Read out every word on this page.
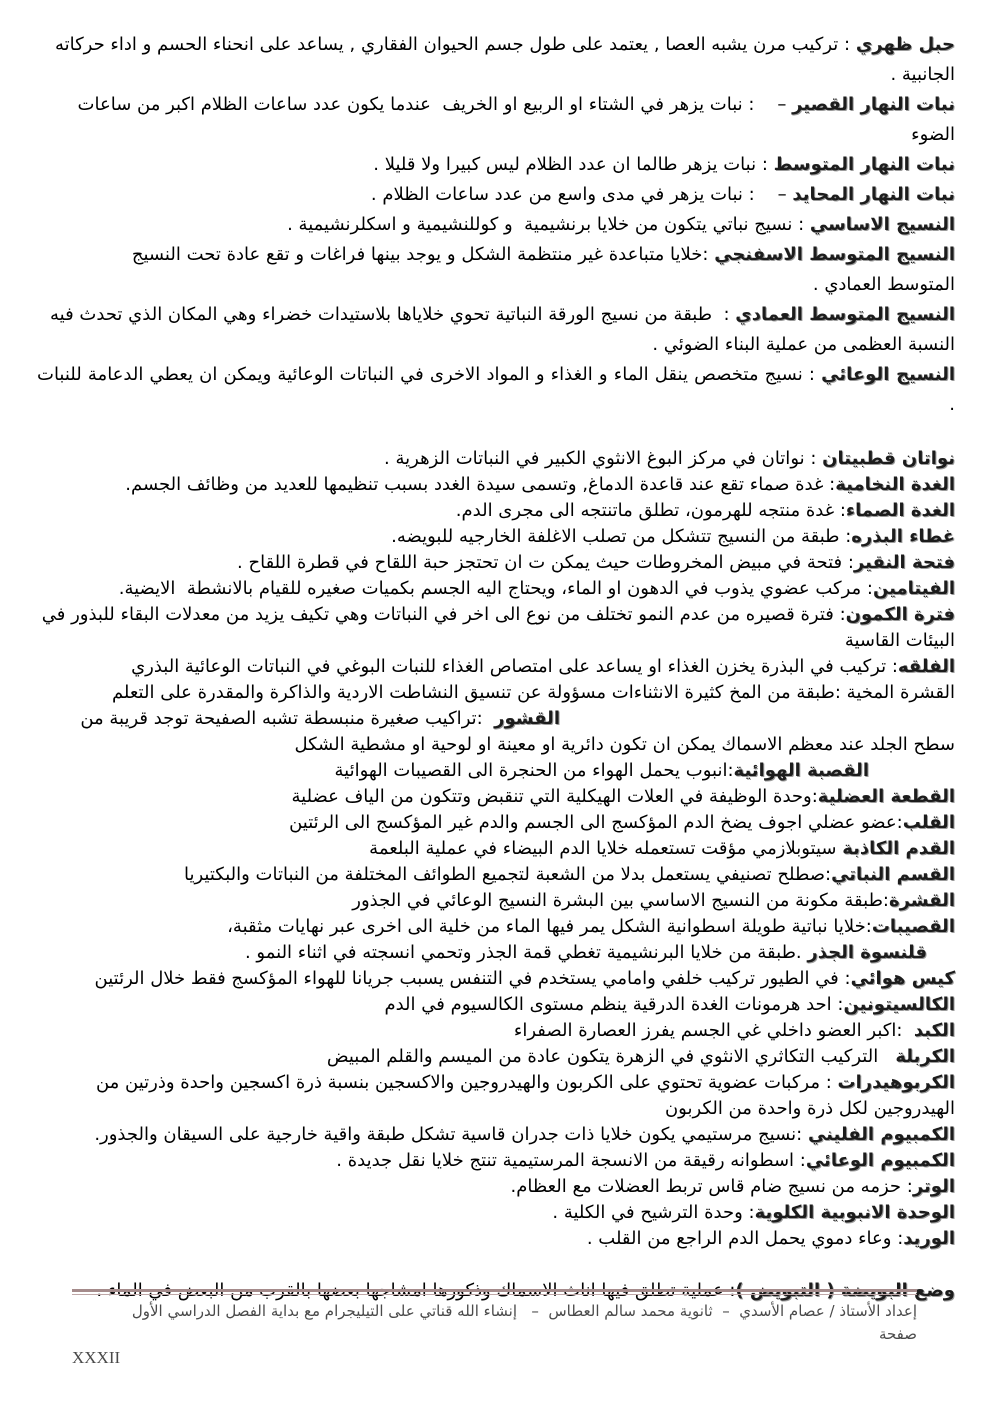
حبل ظهري : تركيب مرن يشبه العصا , يعتمد على طول جسم الحيوان الفقاري , يساعد على انحناء الحسم و اداء حركاته
الجانبية .
نبات النهار القصير –    : نبات يزهر في الشتاء او الربيع او الخريف  عندما يكون عدد ساعات الظلام اكبر من ساعات
الضوء
نبات النهار المتوسط : نبات يزهر طالما ان عدد الظلام ليس كبيرا ولا قليلا .
نبات النهار المحايد –    : نبات يزهر في مدى واسع من عدد ساعات الظلام .
النسيج الاساسي : نسيج نباتي يتكون من خلايا برنشيمية  و كوللنشيمية و اسكلرنشيمية .
النسيج المتوسط الاسفنجي :خلايا متباعدة غير منتظمة الشكل و يوجد بينها فراغات و تقع عادة تحت النسيج
المتوسط العمادي .
النسيج المتوسط العمادي :  طبقة من نسيج الورقة النباتية تحوي خلاياها بلاستيدات خضراء وهي المكان الذي تحدث فيه
النسبة العظمى من عملية البناء الضوئي .
النسيج الوعائي : نسيج متخصص ينقل الماء و الغذاء و المواد الاخرى في النباتات الوعائية ويمكن ان يعطي الدعامة للنبات .
نواتان قطبيتان : نواتان في مركز البوغ الانثوي الكبير في النباتات الزهرية .
الغدة النخامية: غدة صماء تقع عند قاعدة الدماغ, وتسمى سيدة الغدد بسبب تنظيمها للعديد من وظائف الجسم.
الغدة الصماء: غدة منتجه للهرمون، تطلق ماتنتجه الى مجرى الدم.
غطاء البذره: طبقة من النسيج تتشكل من تصلب الاغلفة الخارجيه للبويضه.
فتحة النقير: فتحة في مبيض المخروطات حيث يمكن ت ان تحتجز حبة اللقاح في قطرة اللقاح .
الفيتامين: مركب عضوي يذوب في الدهون او الماء، ويحتاج اليه الجسم بكميات صغيره للقيام بالانشطة  الايضية.
فترة الكمون: فترة قصيره من عدم النمو تختلف من نوع الى اخر في النباتات وهي تكيف يزيد من معدلات البقاء للبذور في
البيئات القاسية
الفلقه: تركيب في البذرة يخزن الغذاء او يساعد على امتصاص الغذاء للنبات البوغي في النباتات الوعائية البذري
القشرة المخية :طبقة من المخ كثيرة الانثناءات مسؤولة عن تنسيق النشاطت الاردية والذاكرة والمقدرة على التعلم
القشور  :تراكيب صغيرة منبسطة تشبه الصفيحة توجد قريبة من
سطح الجلد عند معظم الاسماك يمكن ان تكون دائرية او معينة او لوحية او مشطية الشكل
القصبة الهوائية:انبوب يحمل الهواء من الحنجرة الى القصيبات الهوائية
القطعة العضلية:وحدة الوظيفة في العلات الهيكلية التي تنقبض وتتكون من الياف عضلية
القلب:عضو عضلي اجوف يضخ الدم المؤكسج الى الجسم والدم غير المؤكسج الى الرئتين
القدم الكاذبة سيتوبلازمي مؤقت تستعمله خلايا الدم البيضاء في عملية البلعمة
القسم النباتي:صطلح تصنيفي يستعمل بدلا من الشعبة لتجميع الطوائف المختلفة من النباتات والبكتيريا
القشرة:طبقة مكونة من النسيج الاساسي بين البشرة النسيج الوعائي في الجذور
القصيبات:خلايا نباتية طويلة اسطوانية الشكل يمر فيها الماء من خلية الى اخرى عبر نهايات مثقبة،
قلنسوة الجذر .طبقة من خلايا البرنشيمية تغطي قمة الجذر وتحمي انسجته في اثناء النمو .
كيس هوائي: في الطيور تركيب خلفي وامامي يستخدم في التنفس يسبب جريانا للهواء المؤكسج فقط خلال الرئتين
الكالسيتونين: احد هرمونات الغدة الدرقية ينظم مستوى الكالسيوم في الدم
الكبد  :اكبر العضو داخلي غي الجسم يفرز العصارة الصفراء
الكربلة   التركيب التكاثري الانثوي في الزهرة يتكون عادة من الميسم والقلم المبيض
الكربوهيدرات : مركبات عضوية تحتوي على الكربون والهيدروجين والاكسجين بنسبة ذرة اكسجين واحدة وذرتين من
الهيدروجين لكل ذرة واحدة من الكربون
الكمبيوم الفليني :نسيج مرستيمي يكون خلايا ذات جدران قاسية تشكل طبقة واقية خارجية على السيقان والجذور.
الكمبيوم الوعائي: اسطوانه رقيقة من الانسجة المرستيمية تنتج خلايا نقل جديدة .
الوتر: حزمه من نسيج ضام قاس تربط العضلات مع العظام.
الوحدة الانبوبية الكلوية: وحدة الترشيح في الكلية .
الوريد: وعاء دموي يحمل الدم الراجع من القلب .
وضع البويضة ( التبويض ): عملية تطلق فيها اناث الاسماك وذكورها امشاجها بعضها بالقرب من البعض في الماء .
إعداد الأستاذ / عصام الأسدي  –  ثانوية محمد سالم العطاس  –   إنشاء الله قناتي على التيليجرام مع بداية الفصل الدراسي الأول     صفحة
XXXII
